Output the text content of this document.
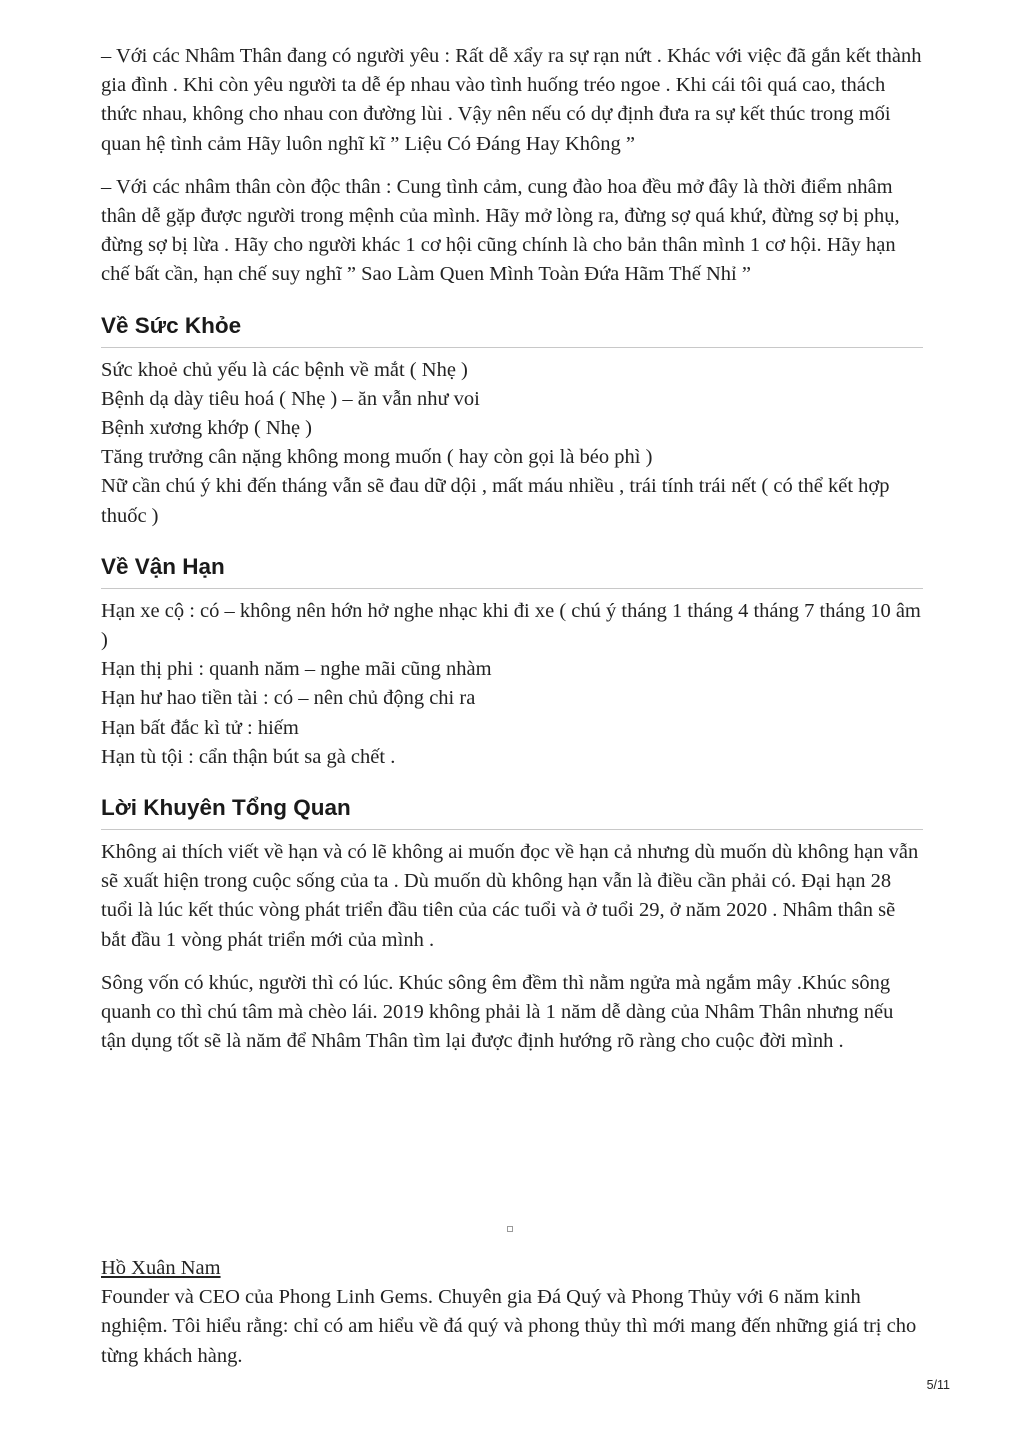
– Với các Nhâm Thân đang có người yêu : Rất dễ xẩy ra sự rạn nứt . Khác với việc đã gắn kết thành gia đình . Khi còn yêu người ta dễ ép nhau vào tình huống tréo ngoe . Khi cái tôi quá cao, thách thức nhau, không cho nhau con đường lùi . Vậy nên nếu có dự định đưa ra sự kết thúc trong mối quan hệ tình cảm Hãy luôn nghĩ kĩ ” Liệu Có Đáng Hay Không ”

– Với các nhâm thân còn độc thân : Cung tình cảm, cung đào hoa đều mở đây là thời điểm nhâm thân dễ gặp được người trong mệnh của mình. Hãy mở lòng ra, đừng sợ quá khứ, đừng sợ bị phụ, đừng sợ bị lừa . Hãy cho người khác 1 cơ hội cũng chính là cho bản thân mình 1 cơ hội. Hãy hạn chế bất cần, hạn chế suy nghĩ ” Sao Làm Quen Mình Toàn Đứa Hãm Thế Nhỉ ”

Về Sức Khỏe
Sức khoẻ chủ yếu là các bệnh về mắt ( Nhẹ )
Bệnh dạ dày tiêu hoá ( Nhẹ ) – ăn vẫn như voi
Bệnh xương khớp ( Nhẹ )
Tăng trưởng cân nặng không mong muốn ( hay còn gọi là béo phì )
Nữ cần chú ý khi đến tháng vẫn sẽ đau dữ dội , mất máu nhiều , trái tính trái nết ( có thể kết hợp thuốc )
Về Vận Hạn
Hạn xe cộ : có – không nên hớn hở nghe nhạc khi đi xe ( chú ý tháng 1 tháng 4 tháng 7 tháng 10 âm )
Hạn thị phi : quanh năm – nghe mãi cũng nhàm
Hạn hư hao tiền tài : có – nên chủ động chi ra
Hạn bất đắc kì tử : hiếm
Hạn tù tội : cẩn thận bút sa gà chết .
Lời Khuyên Tổng Quan

Không ai thích viết về hạn và có lẽ không ai muốn đọc về hạn cả nhưng dù muốn dù không hạn vẫn sẽ xuất hiện trong cuộc sống của ta . Dù muốn dù không hạn vẫn là điều cần phải có. Đại hạn 28 tuổi là lúc kết thúc vòng phát triển đầu tiên của các tuổi và ở tuổi 29, ở năm 2020 . Nhâm thân sẽ bắt đầu 1 vòng phát triển mới của mình .

Sông vốn có khúc, người thì có lúc. Khúc sông êm đềm thì nằm ngửa mà ngắm mây .Khúc sông quanh co thì chú tâm mà chèo lái. 2019 không phải là 1 năm dễ dàng của Nhâm Thân nhưng nếu tận dụng tốt sẽ là năm để Nhâm Thân tìm lại được định hướng rõ ràng cho cuộc đời mình .

Hồ Xuân Nam
Founder và CEO của Phong Linh Gems. Chuyên gia Đá Quý và Phong Thủy với 6 năm kinh nghiệm. Tôi hiểu rằng: chỉ có am hiểu về đá quý và phong thủy thì mới mang đến những giá trị cho từng khách hàng.
5/11
